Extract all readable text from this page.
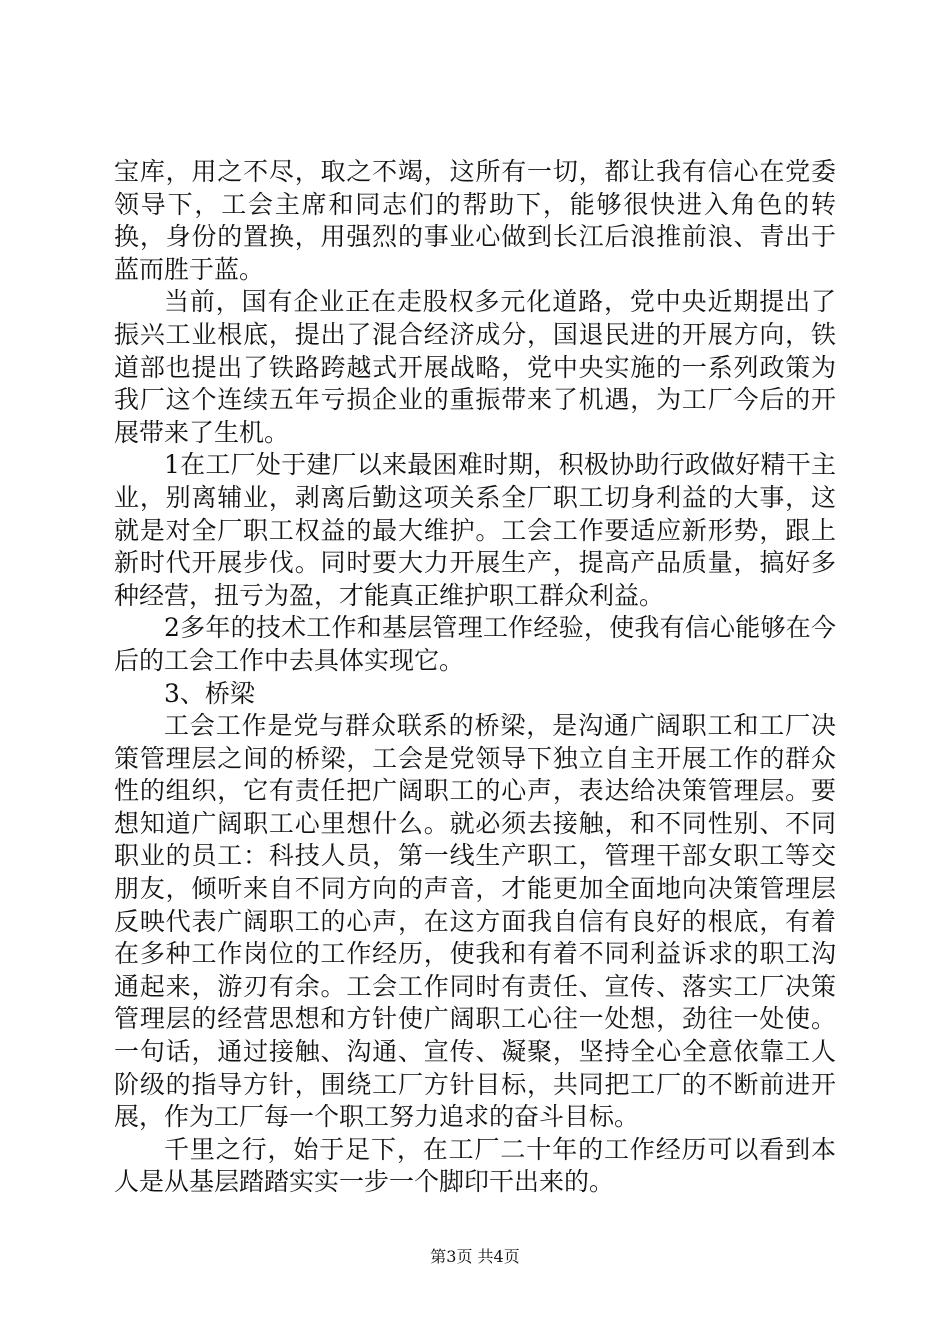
宝库，用之不尽，取之不竭，这所有一切，都让我有信心在党委领导下，工会主席和同志们的帮助下，能够很快进入角色的转换，身份的置换，用强烈的事业心做到长江后浪推前浪、青出于蓝而胜于蓝。

当前，国有企业正在走股权多元化道路，党中央近期提出了振兴工业根底，提出了混合经济成分，国退民进的开展方向，铁道部也提出了铁路跨越式开展战略，党中央实施的一系列政策为我厂这个连续五年亏损企业的重振带来了机遇，为工厂今后的开展带来了生机。

1在工厂处于建厂以来最困难时期，积极协助行政做好精干主业，别离辅业，剥离后勤这项关系全厂职工切身利益的大事，这就是对全厂职工权益的最大维护。工会工作要适应新形势，跟上新时代开展步伐。同时要大力开展生产，提高产品质量，搞好多种经营，扭亏为盈，才能真正维护职工群众利益。

2多年的技术工作和基层管理工作经验，使我有信心能够在今后的工会工作中去具体实现它。

3、桥梁

工会工作是党与群众联系的桥梁，是沟通广阔职工和工厂决策管理层之间的桥梁，工会是党领导下独立自主开展工作的群众性的组织，它有责任把广阔职工的心声，表达给决策管理层。要想知道广阔职工心里想什么。就必须去接触，和不同性别、不同职业的员工：科技人员，第一线生产职工，管理干部女职工等交朋友，倾听来自不同方向的声音，才能更加全面地向决策管理层反映代表广阔职工的心声，在这方面我自信有良好的根底，有着在多种工作岗位的工作经历，使我和有着不同利益诉求的职工沟通起来，游刃有余。工会工作同时有责任、宣传、落实工厂决策管理层的经营思想和方针使广阔职工心往一处想，劲往一处使。一句话，通过接触、沟通、宣传、凝聚，坚持全心全意依靠工人阶级的指导方针，围绕工厂方针目标，共同把工厂的不断前进开展，作为工厂每一个职工努力追求的奋斗目标。

千里之行，始于足下，在工厂二十年的工作经历可以看到本人是从基层踏踏实实一步一个脚印干出来的。

第3页 共4页
